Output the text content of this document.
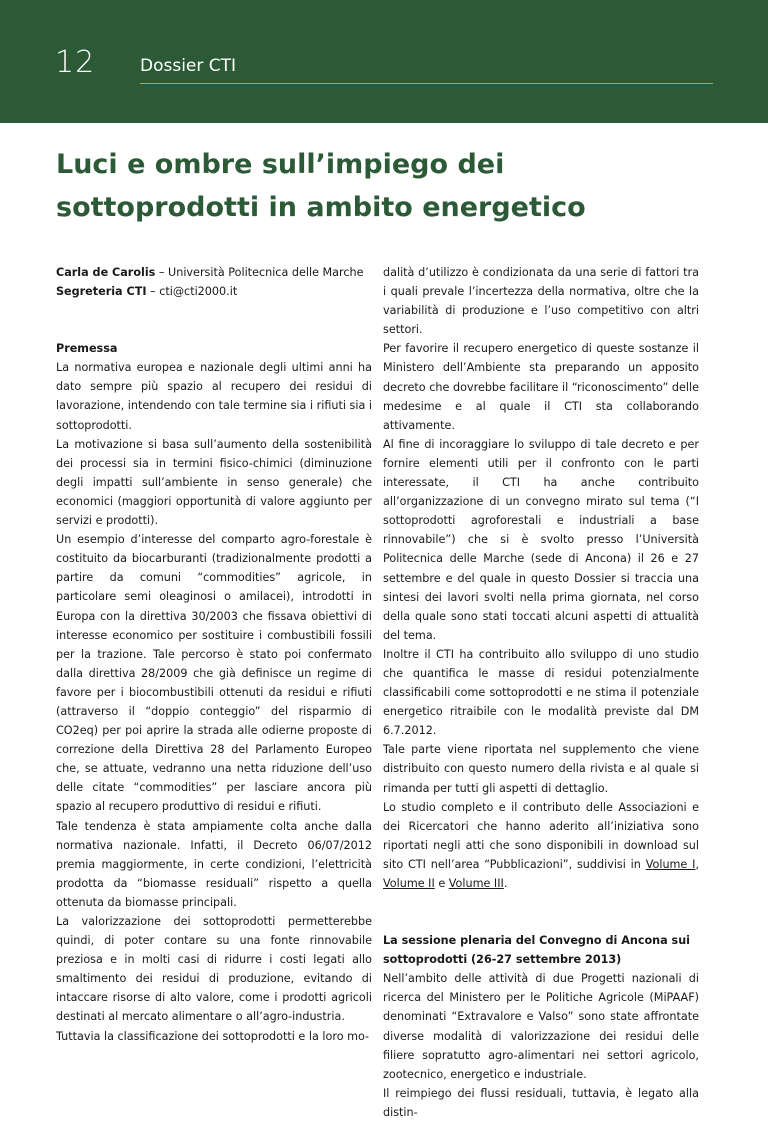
12	Dossier CTI
Luci e ombre sull’impiego dei
sottoprodotti in ambito energetico

Carla de Carolis – Università Politecnica delle Marche

Segreteria CTI – cti@cti2000.it

Premessa

La normativa europea e nazionale degli ultimi anni ha dato sempre più spazio al recupero dei residui di lavorazione, intendendo con tale termine sia i rifiuti sia i sottoprodotti.

La motivazione si basa sull’aumento della sostenibilità dei processi sia in termini fisico-chimici (diminuzione degli impatti sull’ambiente in senso generale) che economici (maggiori opportunità di valore aggiunto per servizi e prodotti).

Un esempio d’interesse del comparto agro-forestale è costituito da biocarburanti (tradizionalmente prodotti a partire da comuni “commodities” agricole, in particolare semi oleaginosi o amilacei), introdotti in Europa con la direttiva 30/2003 che fissava obiettivi di interesse economico per sostituire i combustibili fossili per la trazione. Tale percorso è stato poi confermato dalla direttiva 28/2009 che già definisce un regime di favore per i biocombustibili ottenuti da residui e rifiuti (attraverso il “doppio conteggio” del risparmio di CO2eq) per poi aprire la strada alle odierne proposte di correzione della Direttiva 28 del Parlamento Europeo che, se attuate, vedranno una netta riduzione dell’uso delle citate “commodities” per lasciare ancora più spazio al recupero produttivo di residui e rifiuti.

Tale tendenza è stata ampiamente colta anche dalla normativa nazionale. Infatti, il Decreto 06/07/2012 premia maggiormente, in certe condizioni, l’elettricità prodotta da “biomasse residuali” rispetto a quella ottenuta da biomasse principali.

La valorizzazione dei sottoprodotti permetterebbe quindi, di poter contare su una fonte rinnovabile preziosa e in molti casi di ridurre i costi legati allo smaltimento dei residui di produzione, evitando di intaccare risorse di alto valore, come i prodotti agricoli destinati al mercato alimentare o all’agro-industria.

Tuttavia la classificazione dei sottoprodotti e la loro mo-

dalità d’utilizzo è condizionata da una serie di fattori tra i quali prevale l’incertezza della normativa, oltre che la variabilità di produzione e l’uso competitivo con altri settori.

Per favorire il recupero energetico di queste sostanze il Ministero dell’Ambiente sta preparando un apposito decreto che dovrebbe facilitare il “riconoscimento” delle medesime e al quale il CTI sta collaborando attivamente.

Al fine di incoraggiare lo sviluppo di tale decreto e per fornire elementi utili per il confronto con le parti interessate, il CTI ha anche contribuito all’organizzazione di un convegno mirato sul tema (“I sottoprodotti agroforestali e industriali a base rinnovabile”) che si è svolto presso l’Università Politecnica delle Marche (sede di Ancona) il 26 e 27 settembre e del quale in questo Dossier si traccia una sintesi dei lavori svolti nella prima giornata, nel corso della quale sono stati toccati alcuni aspetti di attualità del tema.

Inoltre il CTI ha contribuito allo sviluppo di uno studio che quantifica le masse di residui potenzialmente classificabili come sottoprodotti e ne stima il potenziale energetico ritraibile con le modalità previste dal DM 6.7.2012.

Tale parte viene riportata nel supplemento che viene distribuito con questo numero della rivista e al quale si rimanda per tutti gli aspetti di dettaglio.

Lo studio completo e il contributo delle Associazioni e dei Ricercatori che hanno aderito all’iniziativa sono riportati negli atti che sono disponibili in download sul sito CTI nell’area “Pubblicazioni”, suddivisi in Volume I, Volume II e Volume III.

La sessione plenaria del Convegno di Ancona sui sottoprodotti (26-27 settembre 2013)

Nell’ambito delle attività di due Progetti nazionali di ricerca del Ministero per le Politiche Agricole (MiPAAF) denominati “Extravalore e Valso” sono state affrontate diverse modalità di valorizzazione dei residui delle filiere sopratutto agro-alimentari nei settori agricolo, zootecnico, energetico e industriale.

Il reimpiego dei flussi residuali, tuttavia, è legato alla distin-
